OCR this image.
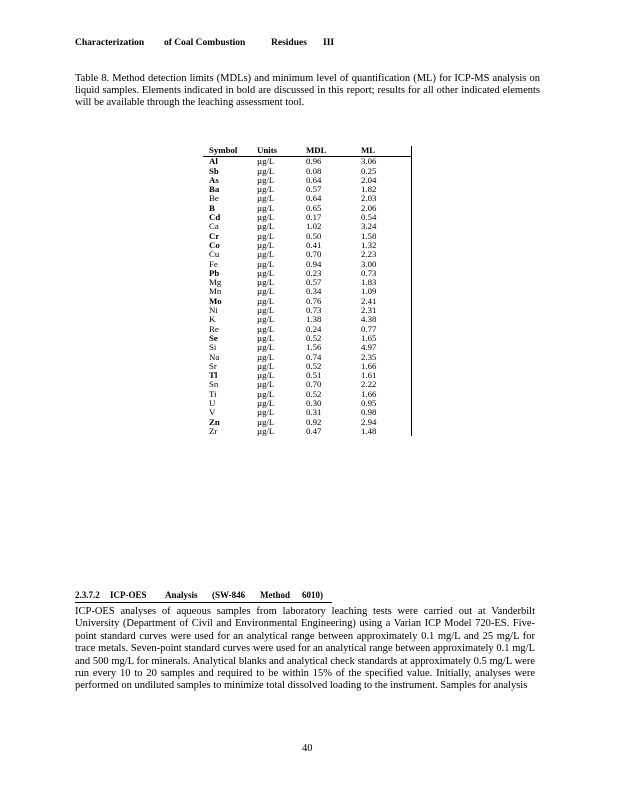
Characterization of Coal Combustion	Residues III
Table 8. Method detection limits (MDLs) and minimum level of quantification (ML) for ICP-MS analysis on liquid samples. Elements indicated in bold are discussed in this report; results for all other indicated elements will be available through the leaching assessment tool.
Symbol	Units	MDL	ML
Al	µg/L	0.96	3.06
Sb	µg/L	0.08	0.25
As	µg/L	0.64	2.04
Ba	µg/L	0.57	1.82
Be	µg/L	0.64	2.03
B	µg/L	0.65	2.06
Cd	µg/L	0.17	0.54
Ca	µg/L	1.02	3.24
Cr	µg/L	0.50	1.58
Co	µg/L	0.41	1.32
Cu	µg/L	0.70	2.23
Fe	µg/L	0.94	3.00
Pb	µg/L	0.23	0.73
Mg	µg/L	0.57	1.83
Mn	µg/L	0.34	1.09
Mo	µg/L	0.76	2.41
Ni	µg/L	0.73	2.31
K	µg/L	1.38	4.38
Re	µg/L	0.24	0.77
Se	µg/L	0.52	1.65
Si	µg/L	1.56	4.97
Na	µg/L	0.74	2.35
Sr	µg/L	0.52	1.66
Tl	µg/L	0.51	1.61
Sn	µg/L	0.70	2.22
Ti	µg/L	0.52	1.66
U	µg/L	0.30	0.95
V	µg/L	0.31	0.98
Zn	µg/L	0.92	2.94
Zr	µg/L	0.47	1.48
2.3.7.2 ICP-OES Analysis (SW-846 Method 6010)
ICP-OES analyses of aqueous samples from laboratory leaching tests were carried out at Vanderbilt University (Department of Civil and Environmental Engineering) using a Varian ICP Model 720-ES. Five-point standard curves were used for an analytical range between approximately 0.1 mg/L and 25 mg/L for trace metals. Seven-point standard curves were used for an analytical range between approximately 0.1 mg/L and 500 mg/L for minerals. Analytical blanks and analytical check standards at approximately 0.5 mg/L were run every 10 to 20 samples and required to be within 15% of the specified value. Initially, analyses were performed on undiluted samples to minimize total dissolved loading to the instrument. Samples for analysis
40
